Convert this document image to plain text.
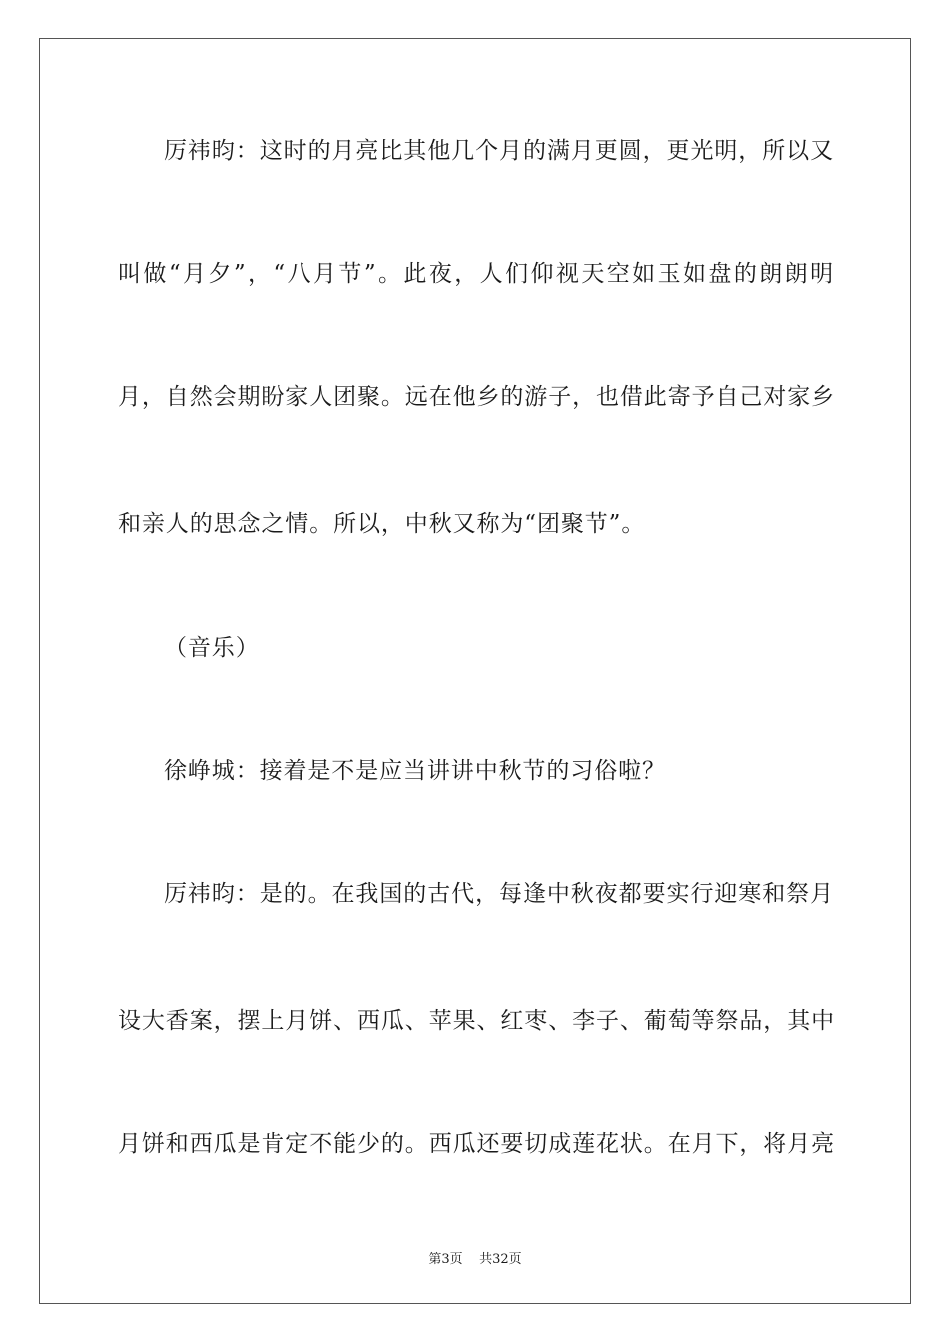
厉祎昀：这时的月亮比其他几个月的满月更圆，更光明，所以又

叫做“月夕”，“八月节”。此夜，人们仰视天空如玉如盘的朗朗明

月，自然会期盼家人团聚。远在他乡的游子，也借此寄予自己对家乡

和亲人的思念之情。所以，中秋又称为“团聚节”。

（音乐）

徐峥城：接着是不是应当讲讲中秋节的习俗啦？

厉祎昀：是的。在我国的古代，每逢中秋夜都要实行迎寒和祭月

设大香案，摆上月饼、西瓜、苹果、红枣、李子、葡萄等祭品，其中

月饼和西瓜是肯定不能少的。西瓜还要切成莲花状。在月下，将月亮

第3页 共32页
